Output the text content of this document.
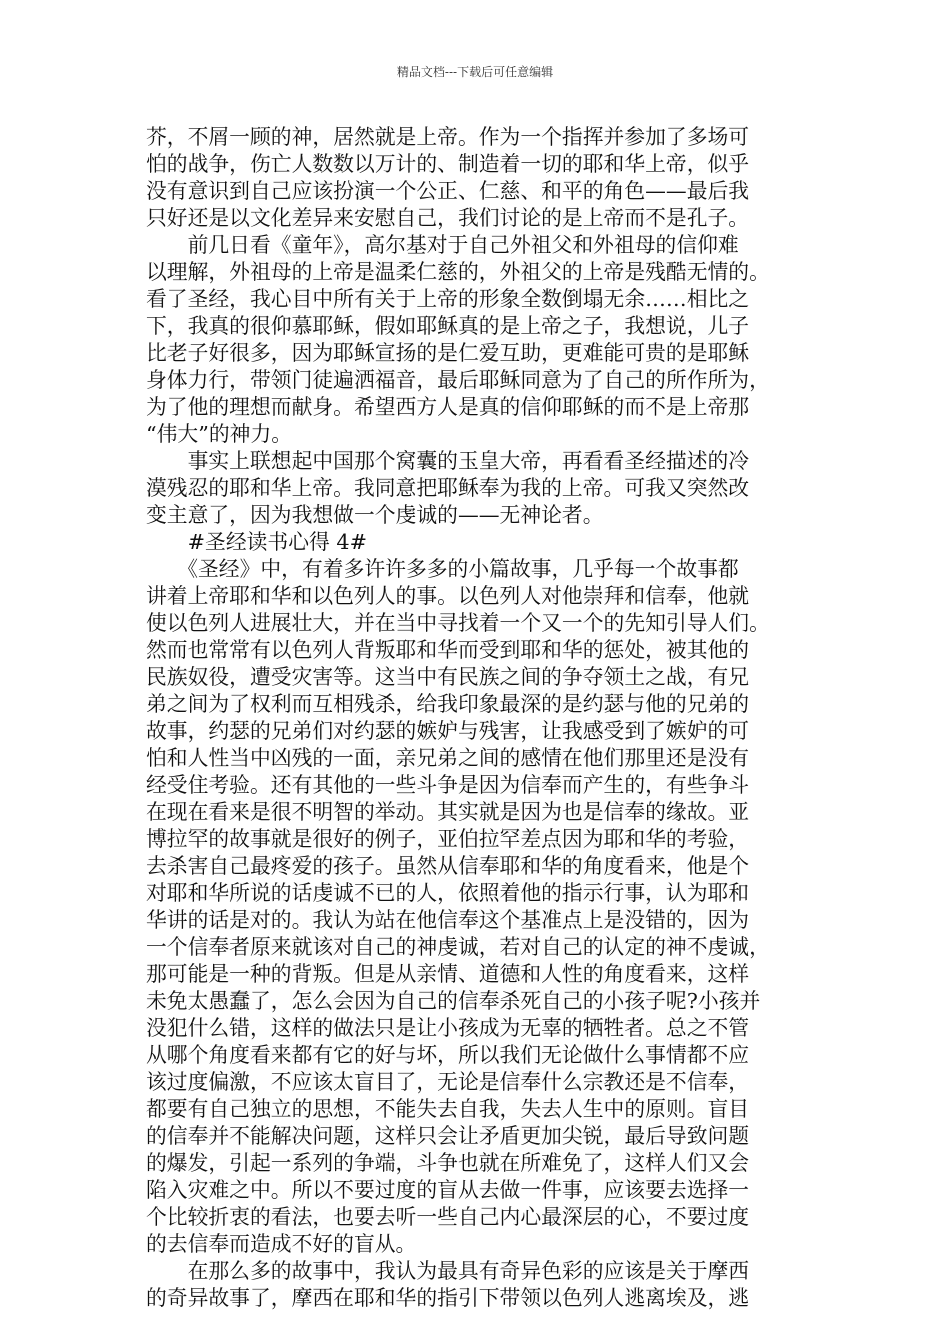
精品文档---下载后可任意编辑
芥，不屑一顾的神，居然就是上帝。作为一个指挥并参加了多场可
怕的战争，伤亡人数数以万计的、制造着一切的耶和华上帝，似乎
没有意识到自己应该扮演一个公正、仁慈、和平的角色——最后我
只好还是以文化差异来安慰自己，我们讨论的是上帝而不是孔子。
　　前几日看《童年》，高尔基对于自己外祖父和外祖母的信仰难
以理解，外祖母的上帝是温柔仁慈的，外祖父的上帝是残酷无情的。
看了圣经，我心目中所有关于上帝的形象全数倒塌无余……相比之
下，我真的很仰慕耶稣，假如耶稣真的是上帝之子，我想说，儿子
比老子好很多，因为耶稣宣扬的是仁爱互助，更难能可贵的是耶稣
身体力行，带领门徒遍洒福音，最后耶稣同意为了自己的所作所为，
为了他的理想而献身。希望西方人是真的信仰耶稣的而不是上帝那
“伟大”的神力。
　　事实上联想起中国那个窝囊的玉皇大帝，再看看圣经描述的冷
漠残忍的耶和华上帝。我同意把耶稣奉为我的上帝。可我又突然改
变主意了，因为我想做一个虔诚的——无神论者。
　　#圣经读书心得 4#
　　《圣经》中，有着多许许多多的小篇故事，几乎每一个故事都
讲着上帝耶和华和以色列人的事。以色列人对他崇拜和信奉，他就
使以色列人进展壮大，并在当中寻找着一个又一个的先知引导人们。
然而也常常有以色列人背叛耶和华而受到耶和华的惩处，被其他的
民族奴役，遭受灾害等。这当中有民族之间的争夺领土之战，有兄
弟之间为了权利而互相残杀，给我印象最深的是约瑟与他的兄弟的
故事，约瑟的兄弟们对约瑟的嫉妒与残害，让我感受到了嫉妒的可
怕和人性当中凶残的一面，亲兄弟之间的感情在他们那里还是没有
经受住考验。还有其他的一些斗争是因为信奉而产生的，有些争斗
在现在看来是很不明智的举动。其实就是因为也是信奉的缘故。亚
博拉罕的故事就是很好的例子，亚伯拉罕差点因为耶和华的考验，
去杀害自己最疼爱的孩子。虽然从信奉耶和华的角度看来，他是个
对耶和华所说的话虔诚不已的人，依照着他的指示行事，认为耶和
华讲的话是对的。我认为站在他信奉这个基准点上是没错的，因为
一个信奉者原来就该对自己的神虔诚，若对自己的认定的神不虔诚，
那可能是一种的背叛。但是从亲情、道德和人性的角度看来，这样
未免太愚蠢了，怎么会因为自己的信奉杀死自己的小孩子呢?小孩并
没犯什么错，这样的做法只是让小孩成为无辜的牺牲者。总之不管
从哪个角度看来都有它的好与坏，所以我们无论做什么事情都不应
该过度偏激，不应该太盲目了，无论是信奉什么宗教还是不信奉，
都要有自己独立的思想，不能失去自我，失去人生中的原则。盲目
的信奉并不能解决问题，这样只会让矛盾更加尖锐，最后导致问题
的爆发，引起一系列的争端，斗争也就在所难免了，这样人们又会
陷入灾难之中。所以不要过度的盲从去做一件事，应该要去选择一
个比较折衷的看法，也要去听一些自己内心最深层的心，不要过度
的去信奉而造成不好的盲从。
　　在那么多的故事中，我认为最具有奇异色彩的应该是关于摩西
的奇异故事了，摩西在耶和华的指引下带领以色列人逃离埃及，逃
